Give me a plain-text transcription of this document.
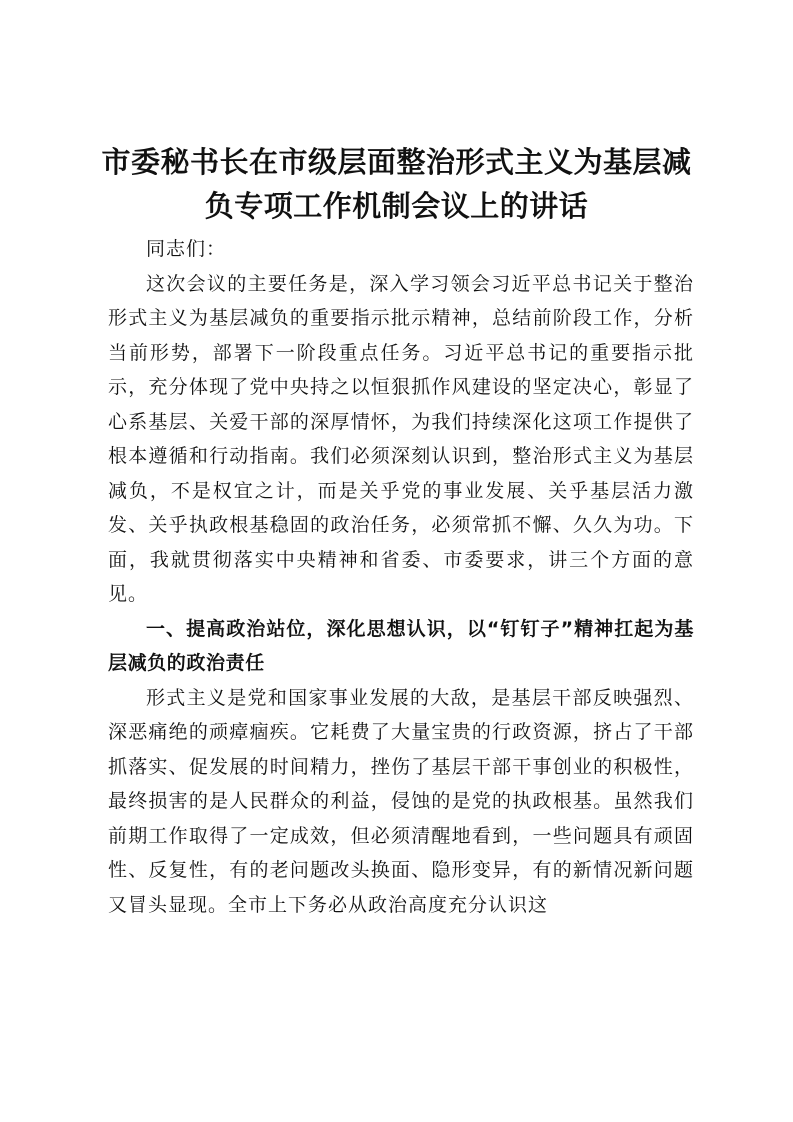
市委秘书长在市级层面整治形式主义为基层减负专项工作机制会议上的讲话

同志们：

这次会议的主要任务是，深入学习领会习近平总书记关于整治形式主义为基层减负的重要指示批示精神，总结前阶段工作，分析当前形势，部署下一阶段重点任务。习近平总书记的重要指示批示，充分体现了党中央持之以恒狠抓作风建设的坚定决心，彰显了心系基层、关爱干部的深厚情怀，为我们持续深化这项工作提供了根本遵循和行动指南。我们必须深刻认识到，整治形式主义为基层减负，不是权宜之计，而是关乎党的事业发展、关乎基层活力激发、关乎执政根基稳固的政治任务，必须常抓不懈、久久为功。下面，我就贯彻落实中央精神和省委、市委要求，讲三个方面的意见。

一、提高政治站位，深化思想认识，以“钉钉子”精神扛起为基层减负的政治责任

形式主义是党和国家事业发展的大敌，是基层干部反映强烈、深恶痛绝的顽瘴痼疾。它耗费了大量宝贵的行政资源，挤占了干部抓落实、促发展的时间精力，挫伤了基层干部干事创业的积极性，最终损害的是人民群众的利益，侵蚀的是党的执政根基。虽然我们前期工作取得了一定成效，但必须清醒地看到，一些问题具有顽固性、反复性，有的老问题改头换面、隐形变异，有的新情况新问题又冒头显现。全市上下务必从政治高度充分认识这
